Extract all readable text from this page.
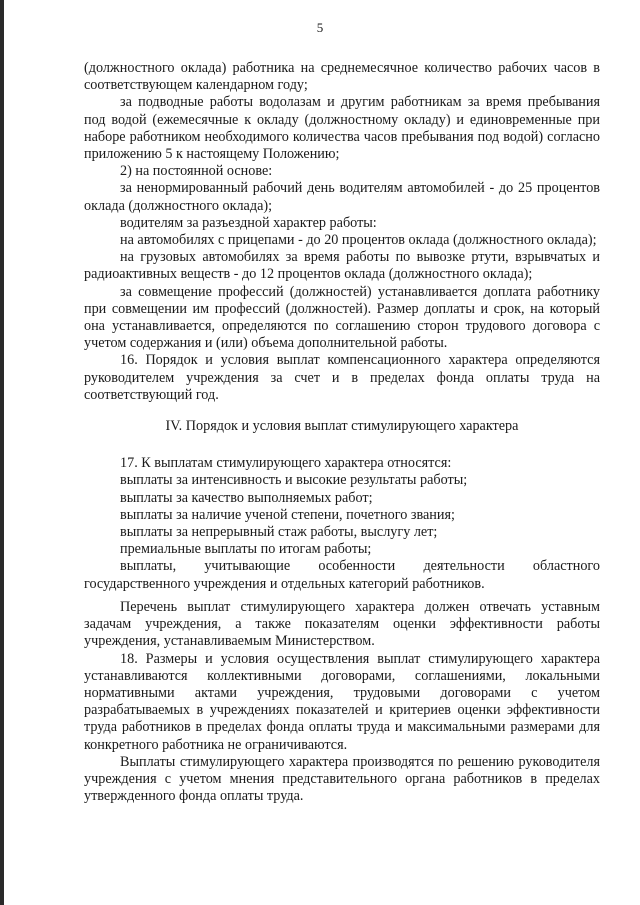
5

(должностного оклада) работника на среднемесячное количество рабочих часов в соответствующем календарном году;

за подводные работы водолазам и другим работникам за время пребывания под водой (ежемесячные к окладу (должностному окладу) и единовременные при наборе работником необходимого количества часов пребывания под водой) согласно приложению 5 к настоящему Положению;

2) на постоянной основе:

за ненормированный рабочий день водителям автомобилей - до 25 процентов оклада (должностного оклада);

водителям за разъездной характер работы:

на автомобилях с прицепами - до 20 процентов оклада (должностного оклада);

на грузовых автомобилях за время работы по вывозке ртути, взрывчатых и радиоактивных веществ - до 12 процентов оклада (должностного оклада);

за совмещение профессий (должностей) устанавливается доплата работнику при совмещении им профессий (должностей). Размер доплаты и срок, на который она устанавливается, определяются по соглашению сторон трудового договора с учетом содержания и (или) объема дополнительной работы.

16. Порядок и условия выплат компенсационного характера определяются руководителем учреждения за счет и в пределах фонда оплаты труда на соответствующий год.

IV. Порядок и условия выплат стимулирующего характера

17. К выплатам стимулирующего характера относятся:

выплаты за интенсивность и высокие результаты работы;

выплаты за качество выполняемых работ;

выплаты за наличие ученой степени, почетного звания;

выплаты за непрерывный стаж работы, выслугу лет;

премиальные выплаты по итогам работы;

выплаты, учитывающие особенности деятельности областного государственного учреждения и отдельных категорий работников.

Перечень выплат стимулирующего характера должен отвечать уставным задачам учреждения, а также показателям оценки эффективности работы учреждения, устанавливаемым Министерством.

18. Размеры и условия осуществления выплат стимулирующего характера устанавливаются коллективными договорами, соглашениями, локальными нормативными актами учреждения, трудовыми договорами с учетом разрабатываемых в учреждениях показателей и критериев оценки эффективности труда работников в пределах фонда оплаты труда и максимальными размерами для конкретного работника не ограничиваются.

Выплаты стимулирующего характера производятся по решению руководителя учреждения с учетом мнения представительного органа работников в пределах утвержденного фонда оплаты труда.
